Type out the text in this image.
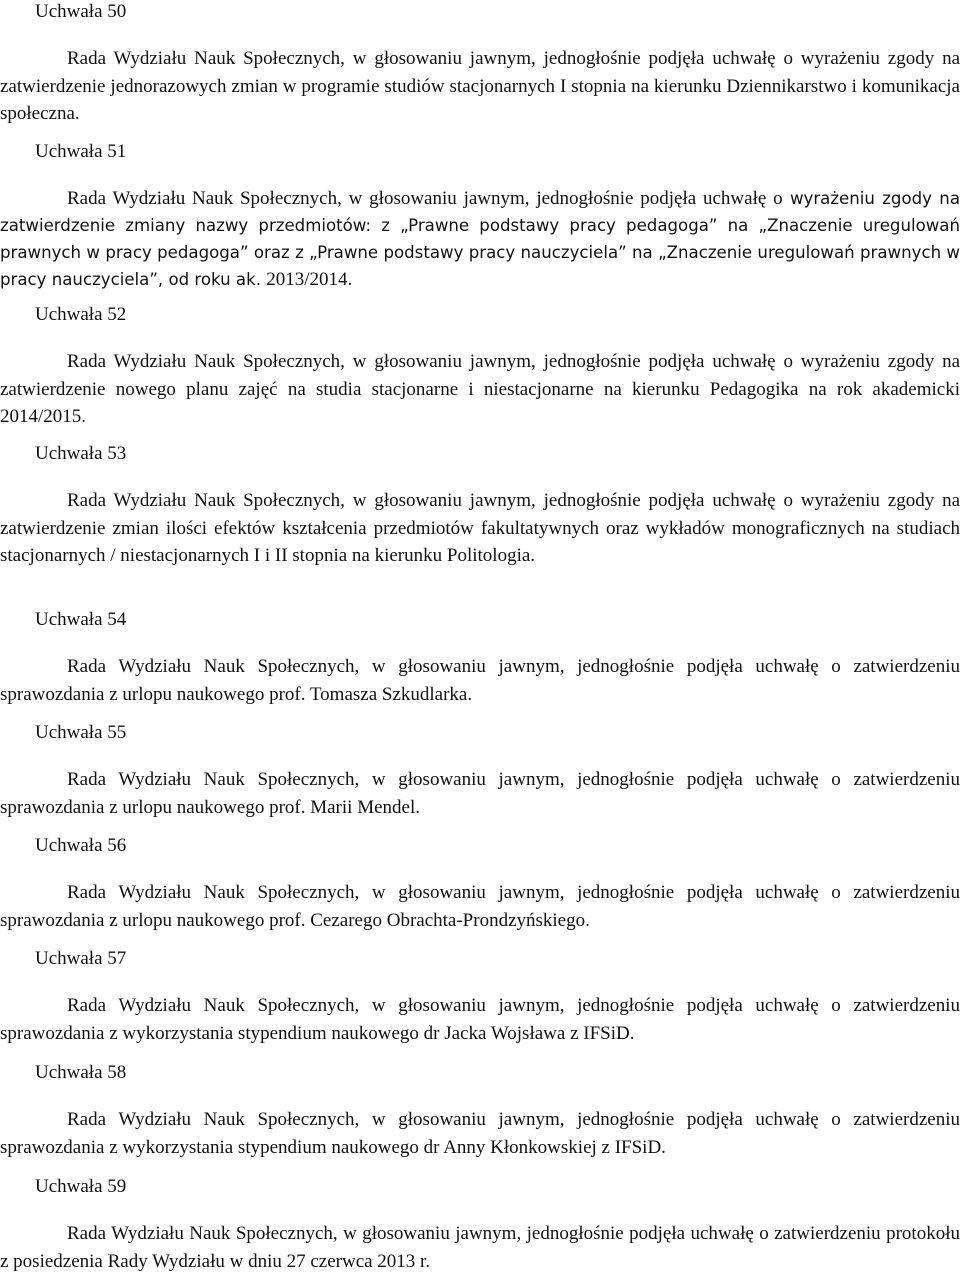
Uchwała 50

Rada Wydziału Nauk Społecznych, w głosowaniu jawnym, jednogłośnie podjęła uchwałę o wyrażeniu zgody na zatwierdzenie jednorazowych zmian w programie studiów stacjonarnych I stopnia na kierunku Dziennikarstwo i komunikacja społeczna.

Uchwała 51

Rada Wydziału Nauk Społecznych, w głosowaniu jawnym, jednogłośnie podjęła uchwałę o wyrażeniu zgody na zatwierdzenie zmiany nazwy przedmiotów: z „Prawne podstawy pracy pedagoga” na „Znaczenie uregulowań prawnych w pracy pedagoga” oraz z „Prawne podstawy pracy nauczyciela” na „Znaczenie uregulowań prawnych w pracy nauczyciela”, od roku ak. 2013/2014.

Uchwała 52

Rada Wydziału Nauk Społecznych, w głosowaniu jawnym, jednogłośnie podjęła uchwałę o wyrażeniu zgody na zatwierdzenie nowego planu zajęć na studia stacjonarne i niestacjonarne na kierunku Pedagogika na rok akademicki 2014/2015.

Uchwała 53

Rada Wydziału Nauk Społecznych, w głosowaniu jawnym, jednogłośnie podjęła uchwałę o wyrażeniu zgody na zatwierdzenie zmian ilości efektów kształcenia przedmiotów fakultatywnych oraz wykładów monograficznych na studiach stacjonarnych / niestacjonarnych I i II stopnia na kierunku Politologia.

Uchwała 54

Rada Wydziału Nauk Społecznych, w głosowaniu jawnym, jednogłośnie podjęła uchwałę o zatwierdzeniu sprawozdania z urlopu naukowego prof. Tomasza Szkudlarka.

Uchwała 55

Rada Wydziału Nauk Społecznych, w głosowaniu jawnym, jednogłośnie podjęła uchwałę o zatwierdzeniu sprawozdania z urlopu naukowego prof. Marii Mendel.

Uchwała 56

Rada Wydziału Nauk Społecznych, w głosowaniu jawnym, jednogłośnie podjęła uchwałę o zatwierdzeniu sprawozdania z urlopu naukowego prof. Cezarego Obrachta-Prondzyńskiego.

Uchwała 57

Rada Wydziału Nauk Społecznych, w głosowaniu jawnym, jednogłośnie podjęła uchwałę o zatwierdzeniu sprawozdania z wykorzystania stypendium naukowego dr Jacka Wojsława z IFSiD.

Uchwała 58

Rada Wydziału Nauk Społecznych, w głosowaniu jawnym, jednogłośnie podjęła uchwałę o zatwierdzeniu sprawozdania z wykorzystania stypendium naukowego dr Anny Kłonkowskiej z IFSiD.

Uchwała 59

Rada Wydziału Nauk Społecznych, w głosowaniu jawnym, jednogłośnie podjęła uchwałę o zatwierdzeniu protokołu z posiedzenia Rady Wydziału w dniu 27 czerwca 2013 r.
